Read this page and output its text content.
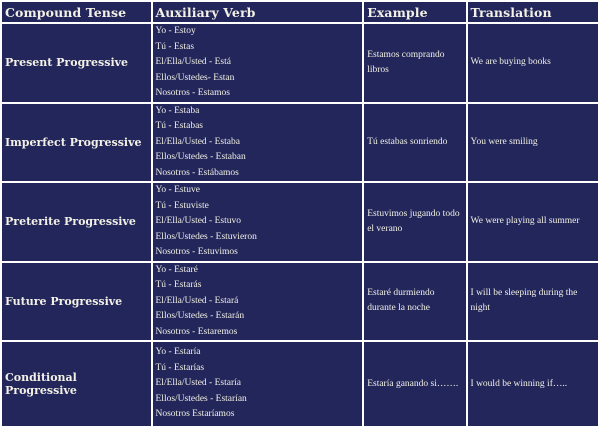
Compound Tense	Auxiliary Verb	Example	Translation
Present Progressive	Yo - Estoy
Tú - Estas
El/Ella/Usted - Está
Ellos/Ustedes- Estan
Nosotros - Estamos	Estamos comprando libros	We are buying books
Imperfect Progressive	Yo - Estaba
Tú - Estabas
El/Ella/Usted - Estaba
Ellos/Ustedes - Estaban
Nosotros - Estábamos	Tú estabas sonriendo	You were smiling
Preterite Progressive	Yo - Estuve
Tú - Estuviste
El/Ella/Usted - Estuvo
Ellos/Ustedes - Estuvieron
Nosotros - Estuvimos	Estuvimos jugando todo el verano	We were playing all summer
Future Progressive	Yo - Estaré
Tú - Estarás
El/Ella/Usted - Estará
Ellos/Ustedes - Estarán
Nosotros - Estaremos	Estaré durmiendo durante la noche	I will be sleeping during the night
Conditional Progressive	Yo - Estaría
Tú - Estarías
El/Ella/Usted - Estaría
Ellos/Ustedes - Estarían
Nosotros Estaríamos	Estaría ganando si…….	I would be winning if…..
